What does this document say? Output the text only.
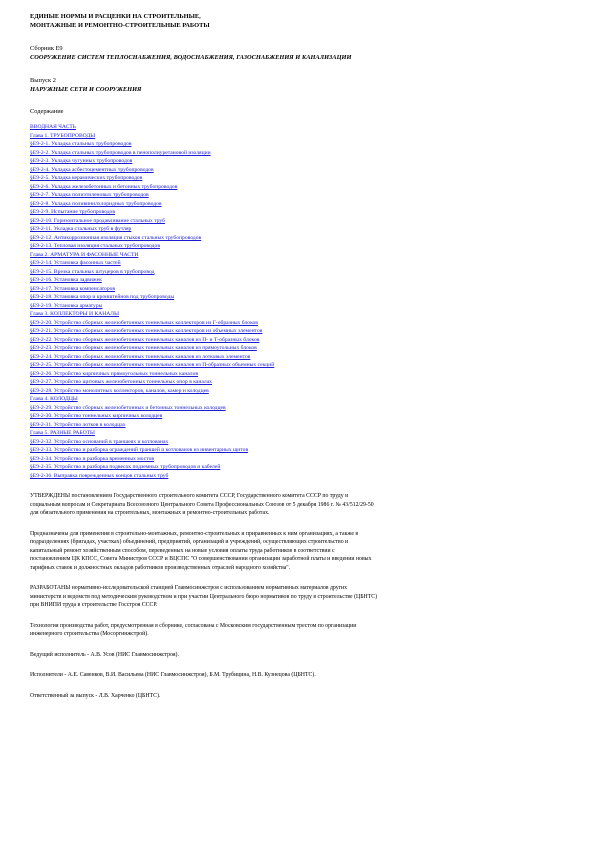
ЕДИНЫЕ НОРМЫ И РАСЦЕНКИ НА СТРОИТЕЛЬНЫЕ,
МОНТАЖНЫЕ И РЕМОНТНО-СТРОИТЕЛЬНЫЕ РАБОТЫ
Сборник Е9
СООРУЖЕНИЕ СИСТЕМ ТЕПЛОСНАБЖЕНИЯ, ВОДОСНАБЖЕНИЯ, ГАЗОСНАБЖЕНИЯ И КАНАЛИЗАЦИИ
Выпуск 2
НАРУЖНЫЕ СЕТИ И СООРУЖЕНИЯ
Содержание
ВВОДНАЯ ЧАСТЬ
Глава 1. ТРУБОПРОВОДЫ
§Е9-2-1. Укладка стальных трубопроводов
§Е9-2-2. Укладка стальных трубопроводов в пенополиуретановой изоляции
§Е9-2-3. Укладка чугунных трубопроводов
§Е9-2-4. Укладка асбестоцементных трубопроводов
§Е9-2-5. Укладка керамических трубопроводов
§Е9-2-6. Укладка железобетонных и бетонных трубопроводов
§Е9-2-7. Укладка полиэтиленовых трубопроводов
§Е9-2-8. Укладка поливинилхлоридных трубопроводов
§Е9-2-9. Испытание трубопроводов
§Е9-2-10. Горизонтальное продавливание стальных труб
§Е9-2-11. Укладка стальных труб в футляр
§Е9-2-12. Антикоррозионная изоляция стыков стальных трубопроводов
§Е9-2-13. Тепловая изоляция стальных трубопроводов
Глава 2. АРМАТУРА И ФАСОННЫЕ ЧАСТИ
§Е9-2-14. Установка фасонных частей
§Е9-2-15. Врезка стальных штуцеров в трубопровод
§Е9-2-16. Установка задвижек
§Е9-2-17. Установка компенсаторов
§Е9-2-18. Установка опор и кронштейнов под трубопроводы
§Е9-2-19. Установка арматуры
Глава 3. КОЛЛЕКТОРЫ И КАНАЛЫ
§Е9-2-20. Устройство сборных железобетонных тоннельных коллекторов из Г-образных блоков
§Е9-2-21. Устройство сборных железобетонных тоннельных коллекторов из объемных элементов
§Е9-2-22. Устройство сборных железобетонных тоннельных каналов из П- и Т-образных блоков
§Е9-2-23. Устройство сборных железобетонных тоннельных каналов из прямоугольных блоков
§Е9-2-24. Устройство сборных железобетонных тоннельных каналов из лотковых элементов
§Е9-2-25. Устройство сборных железобетонных тоннельных каналов из П-образных объемных секций
§Е9-2-26. Устройство кирпичных прямоугольных тоннельных каналов
§Е9-2-27. Устройство щитовых железобетонных тоннельных опор в каналах
§Е9-2-28. Устройство монолитных коллекторов, каналов, камер и колодцев
Глава 4. КОЛОДЦЫ
§Е9-2-29. Устройство сборных железобетонных и бетонных тоннельных колодцев
§Е9-2-30. Устройство тоннельных кирпичных колодцев
§Е9-2-31. Устройство лотков в колодцах
Глава 5. РАЗНЫЕ РАБОТЫ
§Е9-2-32. Устройство оснований в траншеях и котлованах
§Е9-2-33. Устройство и разборка ограждений траншей и котлованов из инвентарных щитов
§Е9-2-34. Устройство и разборка временных мостов
§Е9-2-35. Устройство и разборка подвесок подземных трубопроводов и кабелей
§Е9-2-36. Выправка поврежденных концов стальных труб
УТВЕРЖДЕНЫ постановлением Государственного строительного комитета СССР, Государственного комитета СССР по труду и
социальным вопросам и Секретариата Всесоюзного Центрального Совета Профессиональных Союзов от 5 декабря 1986 г. № 43/512/29-50
для обязательного применения на строительных, монтажных и ремонтно-строительных работах.
Предназначены для применения в строительно-монтажных, ремонтно-строительных и приравненных к ним организациях, а также в
подразделениях (бригадах, участках) объединений, предприятий, организаций и учреждений, осуществляющих строительство и
капитальный ремонт хозяйственным способом, переведенных на новые условия оплаты труда работников в соответствии с
постановлением ЦК КПСС, Совета Министров СССР и ВЦСПС "О совершенствовании организации заработной платы и введении новых
тарифных ставок и должностных окладов работников производственных отраслей народного хозяйства".
РАЗРАБОТАНЫ нормативно-исследовательской станцией Главмосинжстроя с использованием нормативных материалов других
министерств и ведомств под методическим руководством и при участии Центрального бюро нормативов по труду в строительстве (ЦБНТС)
при ВНИПИ труда в строительстве Госстроя СССР.
Технология производства работ, предусмотренная в сборнике, согласована с Московским государственным трестом по организации
инженерного строительства (Мосоргинжстрой).
Ведущий исполнитель - А.В. Усов (НИС Главмосинжстроя).
Исполнители - А.Е. Савенков, В.И. Васильева (НИС Главмосинжстроя), Б.М. Трубицина, Н.В. Кузнецова (ЦБНТС).
Ответственный за выпуск - Л.В. Харченко (ЦБНТС).
